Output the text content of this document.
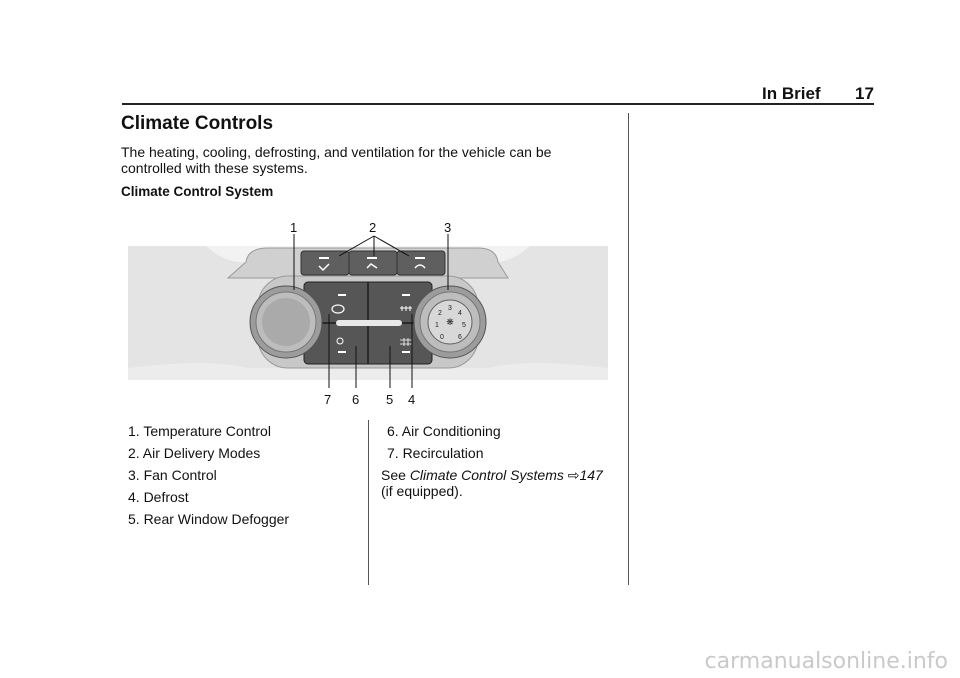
In Brief 17
Climate Controls
The heating, cooling, defrosting, and ventilation for the vehicle can be controlled with these systems.
Climate Control System
❋
0
1
2
3
4
5
6
1	2	3
7 6 5 4
1. Temperature Control
2. Air Delivery Modes
3. Fan Control
4. Defrost
5. Rear Window Defogger
6. Air Conditioning
7. Recirculation
See Climate Control Systems ⇨147
(if equipped).
carmanualsonline.info
